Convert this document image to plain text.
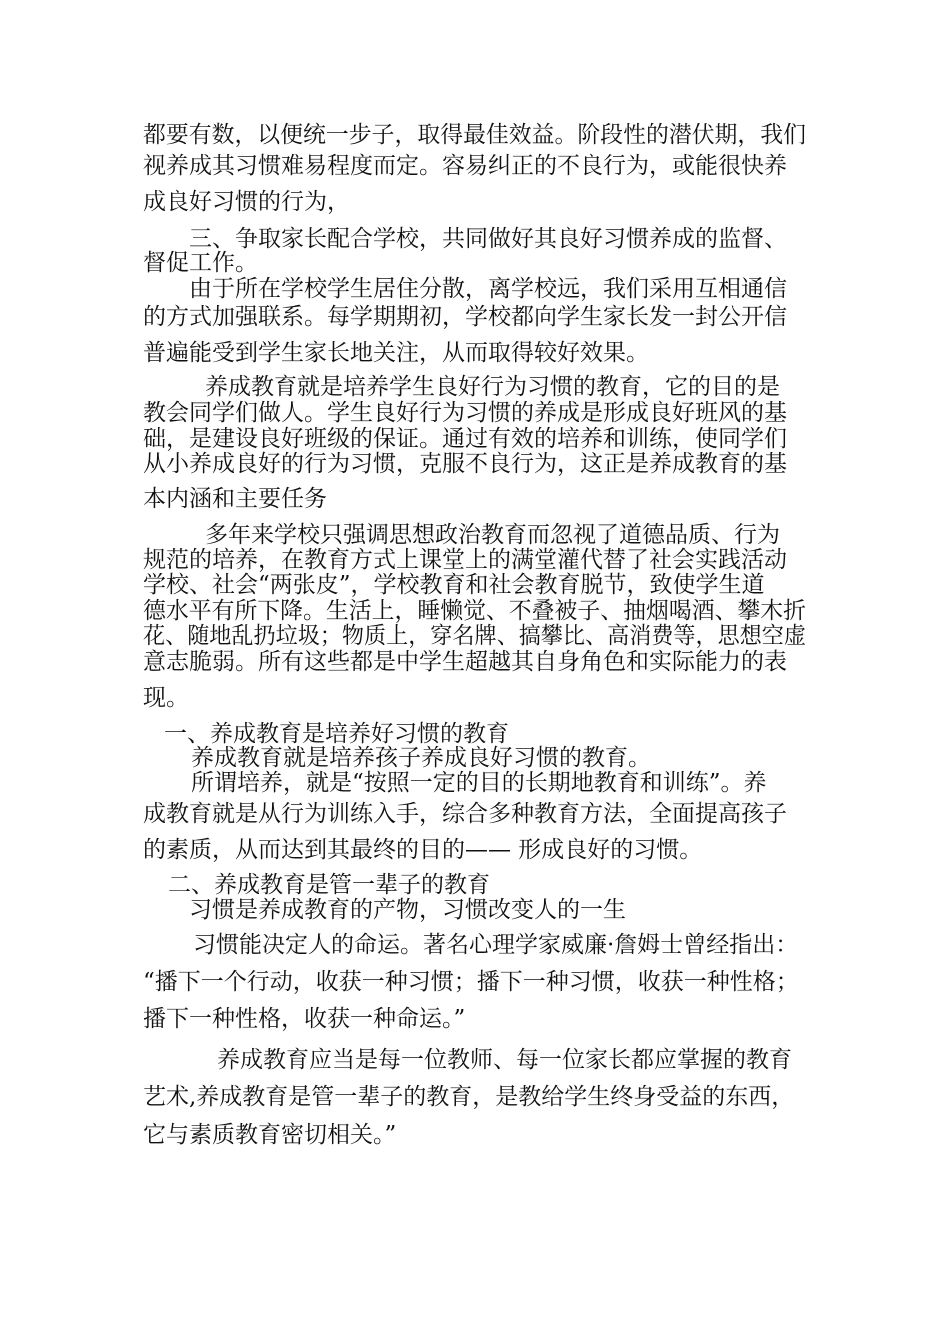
都要有数，以便统一步子，取得最佳效益。阶段性的潜伏期，我们
视养成其习惯难易程度而定。容易纠正的不良行为，或能很快养
成良好习惯的行为，
三、争取家长配合学校，共同做好其良好习惯养成的监督、
督促工作。
由于所在学校学生居住分散，离学校远，我们采用互相通信
的方式加强联系。每学期期初，学校都向学生家长发一封公开信
普遍能受到学生家长地关注，从而取得较好效果。
养成教育就是培养学生良好行为习惯的教育，它的目的是
教会同学们做人。学生良好行为习惯的养成是形成良好班风的基
础，是建设良好班级的保证。通过有效的培养和训练，使同学们
从小养成良好的行为习惯，克服不良行为，这正是养成教育的基
本内涵和主要任务
多年来学校只强调思想政治教育而忽视了道德品质、行为
规范的培养，在教育方式上课堂上的满堂灌代替了社会实践活动
学校、社会“两张皮”，学校教育和社会教育脱节，致使学生道
德水平有所下降。生活上，睡懒觉、不叠被子、抽烟喝酒、攀木折
花、随地乱扔垃圾；物质上，穿名牌、搞攀比、高消费等，思想空虚
意志脆弱。所有这些都是中学生超越其自身角色和实际能力的表
现。
一、养成教育是培养好习惯的教育
养成教育就是培养孩子养成良好习惯的教育。
所谓培养，就是“按照一定的目的长期地教育和训练”。养
成教育就是从行为训练入手，综合多种教育方法，全面提高孩子
的素质，从而达到其最终的目的—— 形成良好的习惯。
二、养成教育是管一辈子的教育
习惯是养成教育的产物，习惯改变人的一生
习惯能决定人的命运。著名心理学家威廉·詹姆士曾经指出：
“播下一个行动，收获一种习惯；播下一种习惯，收获一种性格；
播下一种性格，收获一种命运。”
养成教育应当是每一位教师、每一位家长都应掌握的教育
艺术,养成教育是管一辈子的教育，是教给学生终身受益的东西，
它与素质教育密切相关。”
